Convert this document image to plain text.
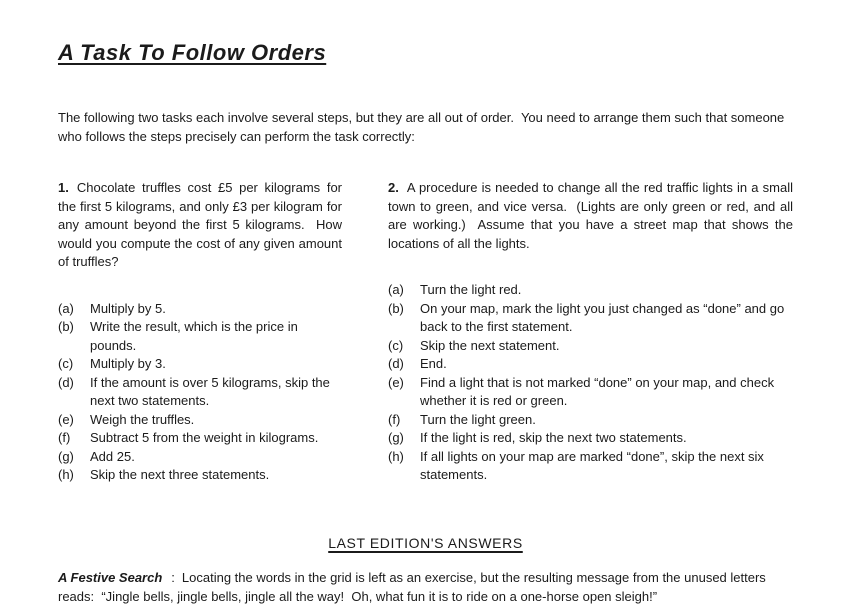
A Task To Follow Orders

The following two tasks each involve several steps, but they are all out of order.  You need to arrange them such that someone who follows the steps precisely can perform the task correctly:

1. Chocolate truffles cost £5 per kilograms for the first 5 kilograms, and only £3 per kilogram for any amount beyond the first 5 kilograms.  How would you compute the cost of any given amount of truffles?

(a)	Multiply by 5.
(b)	Write the result, which is the price in pounds.
(c)	Multiply by 3.
(d)	If the amount is over 5 kilograms, skip the next two statements.
(e)	Weigh the truffles.
(f)	Subtract 5 from the weight in kilograms.
(g)	Add 25.
(h)	Skip the next three statements.

2. A procedure is needed to change all the red traffic lights in a small town to green, and vice versa.  (Lights are only green or red, and all are working.)  Assume that you have a street map that shows the locations of all the lights.

(a)	Turn the light red.
(b)	On your map, mark the light you just changed as “done” and go back to the first statement.
(c)	Skip the next statement.
(d)	End.
(e)	Find a light that is not marked “done” on your map, and check whether it is red or green.
(f)	Turn the light green.
(g)	If the light is red, skip the next two statements.
(h)	If all lights on your map are marked “done”, skip the next six statements.
LAST EDITION'S ANSWERS

A Festive Search : Locating the words in the grid is left as an exercise, but the resulting message from the unused letters reads:  “Jingle bells, jingle bells, jingle all the way!  Oh, what fun it is to ride on a one-horse open sleigh!”
